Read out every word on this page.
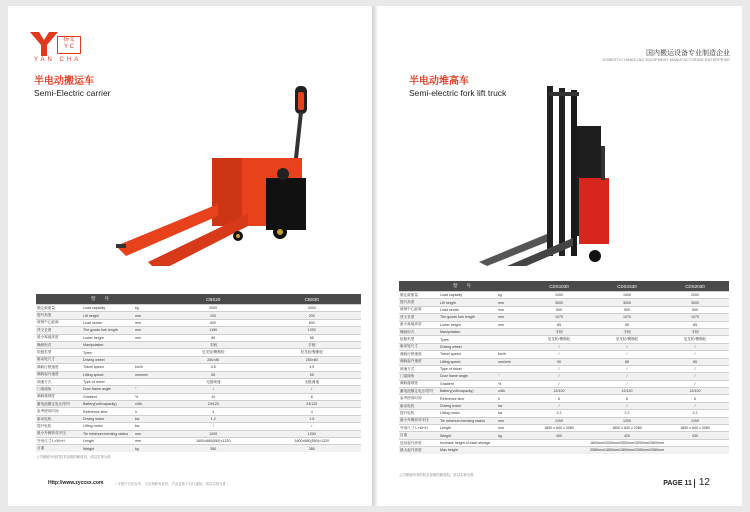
扬叉
Y C
YAN CHA
半电动搬运车
Semi-Electric carrier
型　　号			CBS20	CBS30
额定载重量	Load capacity	kg	2000	3000
提升高度	Lift height	mm	200	200
载荷中心距离	Load centre	mm	600	600
货叉长度	The goods fork length	mm	1150	1200
最小离地高度	Lower height	mm	85	85
操纵形式	Manipulation		手柄	手柄
轮胎类型	Tyres		尼龙轮/聚酯轮	尼龙轮/聚酯轮
驱动轮尺寸	Driving wheel		250×80	250×80
满载行驶速度	Travel speed	km/h	4.5	4.5
满载起升速度	Lifting speed	mm/min	55	55
调速方式	Type of driver		无级调速	无级调速
门架倾角	Door frame angle	°	/	/
满载爬坡度	Gradient	%	10	8
蓄电池额定电压/型号	Battery(volt/capacity)	v/Ah	24/120	24/120
参考使用时间	Reference time	h	4	4
驱动电机	Driving motor	kw	1.2	1.5
提升电机	Lifting motor	kw	/	/
最小外侧转弯半径	Tie minimum bending radius	mm	1200	1200
外形尺寸 L×W×H	Length	mm	1600×680(550)×1320	1600×680(550)×1320
自重	Weight	kg	350	380
公司保留所有的技术参数的修改权，请以实物为准
Http://www.zyccsx.com	（ 本图片仅供参考，与实物略有差异，产品更新不另行通知，请以实物为准 ）
国内搬运设备专业制造企业
DOMESTIC HANDLING EQUIPMENT MANUFACTURING ENTERPRISE
半电动堆高车
Semi-electric fork lift truck
型　　号			CDS1030	CDS1530	CDS2030
额定载重量	Load capacity	kg	1000	1500	2000
提升高度	Lift height	mm	3000	3000	3000
载荷中心距离	Load centre	mm	500	500	500
货叉长度	The goods fork length	mm	1070	1070	1070
最小离地高度	Lower height	mm	85	85	85
操纵形式	Manipulation		手柄	手柄	手柄
轮胎类型	Tyres		尼龙轮/聚酯轮	尼龙轮/聚酯轮	尼龙轮/聚酯轮
驱动轮尺寸	Driving wheel		/	/	/
满载行驶速度	Travel speed	km/h	/	/	/
满载起升速度	Lifting speed	mm/min	90	85	85
调速方式	Type of driver		/	/	/
门架倾角	Door frame angle	°	/	/	/
满载爬坡度	Gradient	%	/	/	/
蓄电池额定电压/型号	Battery(volt/capacity)	v/Ah	12/120	12/120	12/120
参考使用时间	Reference time	h	6	6	6
驱动电机	Driving motor	kw	/	/	/
提升电机	Lifting motor	kw	2.2	2.2	2.2
最小外侧转弯半径	Tie minimum bending radius	mm	1200	1200	1200
外形尺寸 L×W×H	Length	mm	1800 x 840 x 2080	1800 x 840 x 2080	1800 x 840 x 2080
自重	Weight	kg	400	420	430
选用起升高度	Increase height of each storage		1600mm/2000mm/2500mm/3000mm/3500mm		
最大起升高度	Max height		2080mm/1800mm/1800mm/2080mm/2080mm		
公司保留所有的技术参数的修改权，请以实物为准
PAGE 11 12
